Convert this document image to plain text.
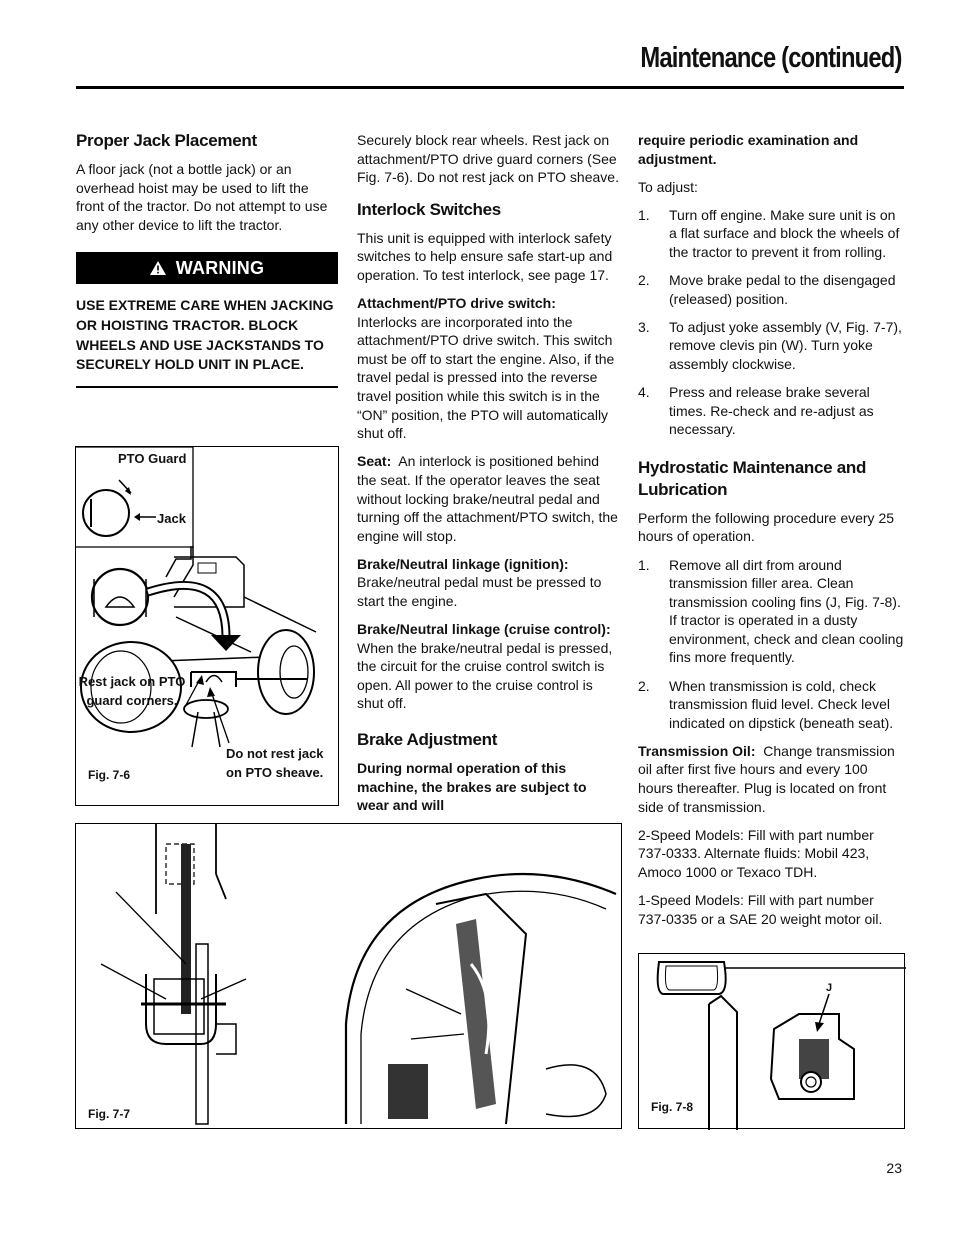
Maintenance (continued)
Proper Jack Placement

A floor jack (not a bottle jack) or an overhead hoist may be used to lift the front of the tractor. Do not attempt to use any other device to lift the tractor.

WARNING
USE EXTREME CARE WHEN JACKING OR HOISTING TRACTOR. BLOCK WHEELS AND USE JACKSTANDS TO SECURELY HOLD UNIT IN PLACE.
PTO Guard
Jack
Rest jack on PTO guard corners.
Do not rest jack on PTO sheave.
Fig. 7-6

Securely block rear wheels. Rest jack on attachment/PTO drive guard corners (See Fig. 7-6). Do not rest jack on PTO sheave.

Interlock Switches

This unit is equipped with interlock safety switches to help ensure safe start-up and operation. To test interlock, see page 17.

Attachment/PTO drive switch:  Interlocks are incorporated into the attachment/PTO drive switch. This switch must be off to start the engine. Also, if the travel pedal is pressed into the reverse travel position while this switch is in the “ON” position, the PTO will automatically shut off.

Seat: An interlock is positioned behind the seat. If the operator leaves the seat without locking brake/neutral pedal and turning off the attachment/PTO switch, the engine will stop.

Brake/Neutral linkage (ignition):
Brake/neutral pedal must be pressed to start the engine.

Brake/Neutral linkage (cruise control):
When the brake/neutral pedal is pressed, the circuit for the cruise control switch is open. All power to the cruise control is shut off.

Brake Adjustment

During normal operation of this machine, the brakes are subject to wear and will

require periodic examination and adjustment.

To adjust:

1. Turn off engine. Make sure unit is on a flat surface and block the wheels of the tractor to prevent it from rolling.
2. Move brake pedal to the disengaged (released) position.
3. To adjust yoke assembly (V, Fig. 7-7), remove clevis pin (W). Turn yoke assembly clockwise.
4. Press and release brake several times. Re-check and re-adjust as necessary.
Hydrostatic Maintenance and Lubrication

Perform the following procedure every 25 hours of operation.

1. Remove all dirt from around transmission filler area. Clean transmission cooling fins (J, Fig. 7-8). If tractor is operated in a dusty environment, check and clean cooling fins more frequently.
2. When transmission is cold, check transmission fluid level. Check level indicated on dipstick (beneath seat).

Transmission Oil: Change transmission oil after first five hours and every 100 hours thereafter. Plug is located on front side of transmission.

2-Speed Models: Fill with part number 737-0333. Alternate fluids: Mobil 423, Amoco 1000 or Texaco TDH.

1-Speed Models: Fill with part number 737-0335 or a SAE 20 weight motor oil.

Fig. 7-7
J
Fig. 7-8
23
